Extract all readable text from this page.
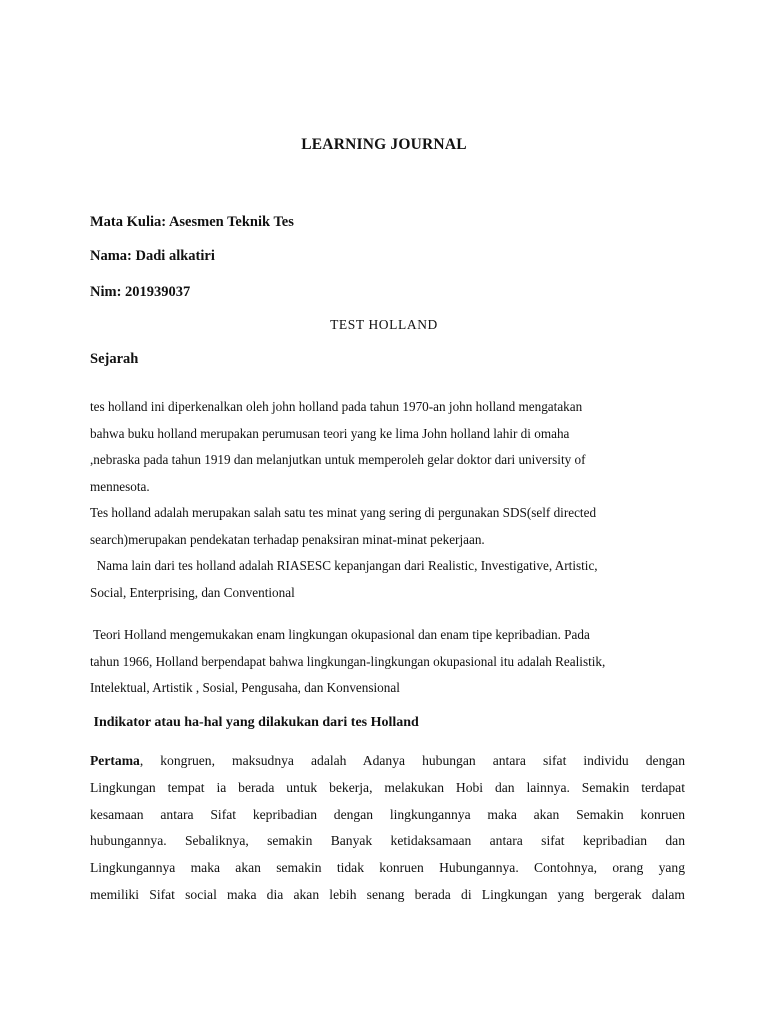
LEARNING JOURNAL
Mata Kulia: Asesmen Teknik Tes
Nama: Dadi alkatiri
Nim: 201939037
TEST HOLLAND
Sejarah
tes holland ini diperkenalkan oleh john holland pada tahun 1970-an john holland mengatakan
bahwa buku holland merupakan perumusan teori yang ke lima John holland lahir di omaha
,nebraska pada tahun 1919 dan melanjutkan untuk memperoleh gelar doktor dari university of
mennesota.
Tes holland adalah merupakan salah satu tes minat yang sering di pergunakan SDS(self directed
search)merupakan pendekatan terhadap penaksiran minat-minat pekerjaan.
Nama lain dari tes holland adalah RIASESC kepanjangan dari Realistic, Investigative, Artistic,
Social, Enterprising, dan Conventional
Teori Holland mengemukakan enam lingkungan okupasional dan enam tipe kepribadian. Pada
tahun 1966, Holland berpendapat bahwa lingkungan-lingkungan okupasional itu adalah Realistik,
Intelektual, Artistik , Sosial, Pengusaha, dan Konvensional
Indikator atau ha-hal yang dilakukan dari tes Holland
Pertama, kongruen, maksudnya adalah Adanya hubungan antara sifat individu dengan
Lingkungan tempat ia berada untuk bekerja, melakukan Hobi dan lainnya. Semakin terdapat
kesamaan antara Sifat kepribadian dengan lingkungannya maka akan Semakin konruen
hubungannya. Sebaliknya, semakin Banyak ketidaksamaan antara sifat kepribadian dan
Lingkungannya maka akan semakin tidak konruen Hubungannya. Contohnya, orang yang
memiliki Sifat social maka dia akan lebih senang berada di Lingkungan yang bergerak dalam
